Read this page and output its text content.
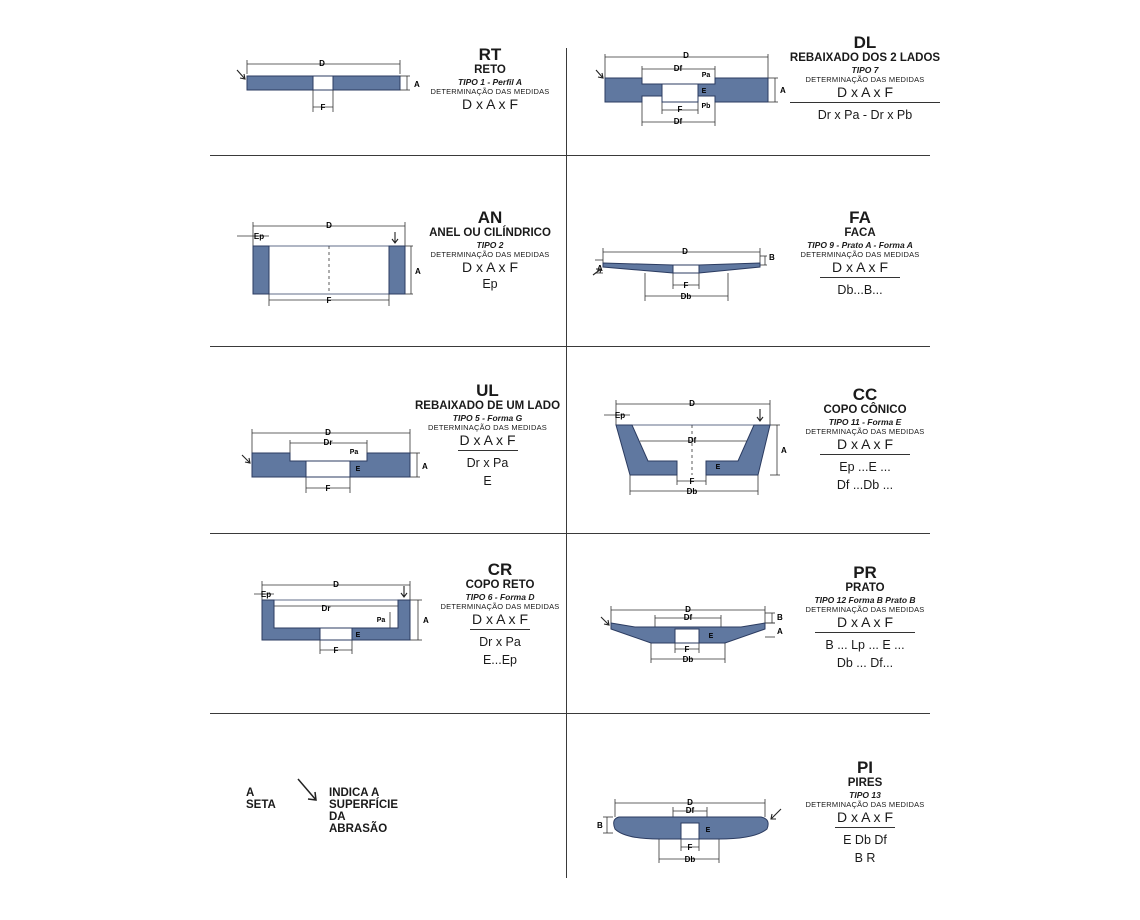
D
F
A
RT
RETO
TIPO 1 - Perfil A
DETERMINAÇÃO DAS MEDIDAS
D x A x F
D
Df
Pa
Pb
E
F
Df
A
DL
REBAIXADO DOS 2 LADOS
TIPO 7
DETERMINAÇÃO DAS MEDIDAS
D x A x F
Dr x Pa - Dr x Pb
D
Ep
F
A
AN
ANEL OU CILÍNDRICO
TIPO 2
DETERMINAÇÃO DAS MEDIDAS
D x A x F
Ep
D
F
Db
B
A
FA
FACA
TIPO 9 - Prato A - Forma A
DETERMINAÇÃO DAS MEDIDAS
D x A x F
Db...B...
D
Dr
Pa
E
F
A
UL
REBAIXADO DE UM LADO
TIPO 5 - Forma G
DETERMINAÇÃO DAS MEDIDAS
D x A x F
Dr x Pa
E
D
Ep
Df
E
F
Db
A
CC
COPO CÔNICO
TIPO 11 - Forma E
DETERMINAÇÃO DAS MEDIDAS
D x A x F
Ep ...E ...
Df ...Db ...
D
Ep
Dr
Pa
E
F
A
CR
COPO RETO
TIPO 6 - Forma D
DETERMINAÇÃO DAS MEDIDAS
D x A x F
Dr x Pa
E...Ep
D
Df
E
F
Db
B
A
PR
PRATO
TIPO 12 Forma B Prato B
DETERMINAÇÃO DAS MEDIDAS
D x A x F
B ... Lp ... E ...
Db ... Df...
A SETA
INDICA A SUPERFÍCIE DA ABRASÃO
D
Df
E
F
Db
B
PI
PIRES
TIPO 13
DETERMINAÇÃO DAS MEDIDAS
D x A x F
E Db Df
B R
